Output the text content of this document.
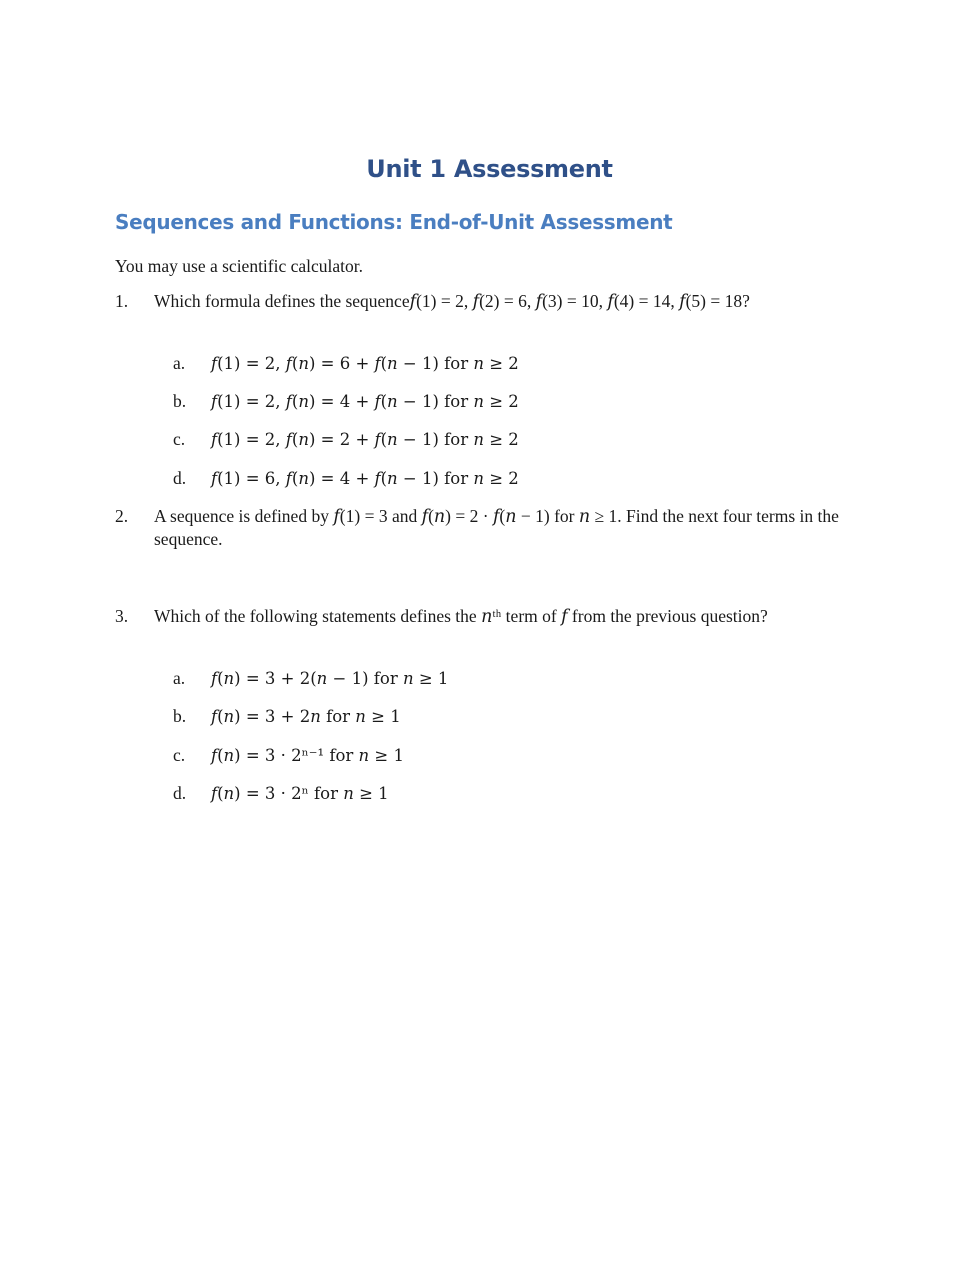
Unit 1 Assessment
Sequences and Functions: End-of-Unit Assessment
You may use a scientific calculator.
1.	Which formula defines the sequence𝑓(1) = 2, 𝑓(2) = 6, 𝑓(3) = 10, 𝑓(4) = 14, 𝑓(5) = 18?
a.	𝑓(1) = 2, 𝑓(𝑛) = 6 + 𝑓(𝑛 − 1) for 𝑛 ≥ 2
b.	𝑓(1) = 2, 𝑓(𝑛) = 4 + 𝑓(𝑛 − 1) for 𝑛 ≥ 2
c.	𝑓(1) = 2, 𝑓(𝑛) = 2 + 𝑓(𝑛 − 1) for 𝑛 ≥ 2
d.	𝑓(1) = 6, 𝑓(𝑛) = 4 + 𝑓(𝑛 − 1) for 𝑛 ≥ 2
2.	A sequence is defined by 𝑓(1) = 3 and 𝑓(𝑛) = 2 · 𝑓(𝑛 − 1) for 𝑛 ≥ 1. Find the next four terms in the sequence.
3.	Which of the following statements defines the 𝑛ᵗʰ term of 𝑓 from the previous question?
a.	𝑓(𝑛) = 3 + 2(𝑛 − 1) for 𝑛 ≥ 1
b.	𝑓(𝑛) = 3 + 2𝑛 for 𝑛 ≥ 1
c.	𝑓(𝑛) = 3 · 2ⁿ⁻¹ for 𝑛 ≥ 1
d.	𝑓(𝑛) = 3 · 2ⁿ for 𝑛 ≥ 1
